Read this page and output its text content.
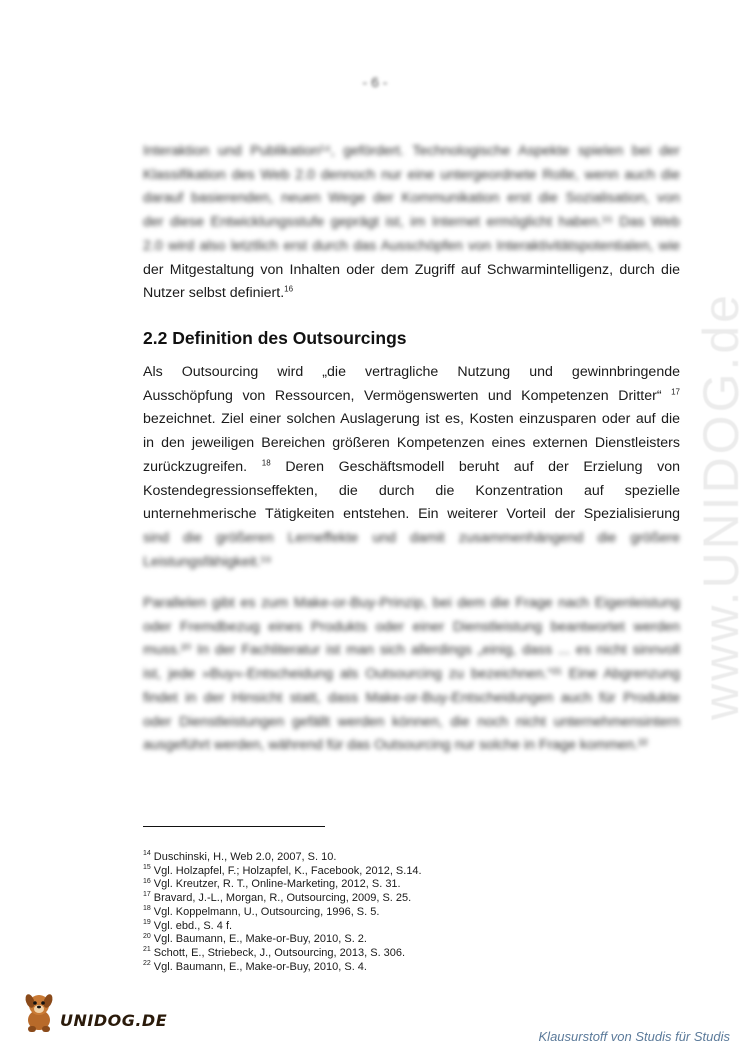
- 6 -
www.UNIDOG.de
Interaktion und Publikation¹⁴, gefördert. Technologische Aspekte spielen bei der
Klassifikation des Web 2.0 dennoch nur eine untergeordnete Rolle, wenn auch die
darauf basierenden, neuen Wege der Kommunikation erst die Sozialisation, von
der diese Entwicklungsstufe geprägt ist, im Internet ermöglicht haben.¹⁵ Das Web
2.0 wird also letztlich erst durch das Ausschöpfen von Interaktivitätspotentialen, wie
der Mitgestaltung von Inhalten oder dem Zugriff auf Schwarmintelligenz, durch die
Nutzer selbst definiert.$^{16}$
2.2 Definition des Outsourcings
Als Outsourcing wird „die vertragliche Nutzung und gewinnbringende
Ausschöpfung von Ressourcen, Vermögenswerten und Kompetenzen Dritter“ $^{17}$
bezeichnet. Ziel einer solchen Auslagerung ist es, Kosten einzusparen oder auf die
in den jeweiligen Bereichen größeren Kompetenzen eines externen Dienstleisters
zurückzugreifen. $^{18}$ Deren Geschäftsmodell beruht auf der Erzielung von
Kostendegressionseffekten, die durch die Konzentration auf spezielle
unternehmerische Tätigkeiten entstehen. Ein weiterer Vorteil der Spezialisierung
sind die größeren Lerneffekte und damit zusammenhängend die größere
Leistungsfähigkeit.¹⁹
Parallelen gibt es zum Make-or-Buy-Prinzip, bei dem die Frage nach Eigenleistung
oder Fremdbezug eines Produkts oder einer Dienstleistung beantwortet werden
muss.²⁰ In der Fachliteratur ist man sich allerdings „einig, dass ... es nicht sinnvoll
ist, jede »Buy«-Entscheidung als Outsourcing zu bezeichnen.“²¹ Eine Abgrenzung
findet in der Hinsicht statt, dass Make-or-Buy-Entscheidungen auch für Produkte
oder Dienstleistungen gefällt werden können, die noch nicht unternehmensintern
ausgeführt werden, während für das Outsourcing nur solche in Frage kommen.²²
$^{14}$ Duschinski, H., Web 2.0, 2007, S. 10.
$^{15}$ Vgl. Holzapfel, F.; Holzapfel, K., Facebook, 2012, S.14.
$^{16}$ Vgl. Kreutzer, R. T., Online-Marketing, 2012, S. 31.
$^{17}$ Bravard, J.-L., Morgan, R., Outsourcing, 2009, S. 25.
$^{18}$ Vgl. Koppelmann, U., Outsourcing, 1996, S. 5.
$^{19}$ Vgl. ebd., S. 4 f.
$^{20}$ Vgl. Baumann, E., Make-or-Buy, 2010, S. 2.
$^{21}$ Schott, E., Striebeck, J., Outsourcing, 2013, S. 306.
$^{22}$ Vgl. Baumann, E., Make-or-Buy, 2010, S. 4.
UNIDOG.DE
Klausurstoff von Studis für Studis
